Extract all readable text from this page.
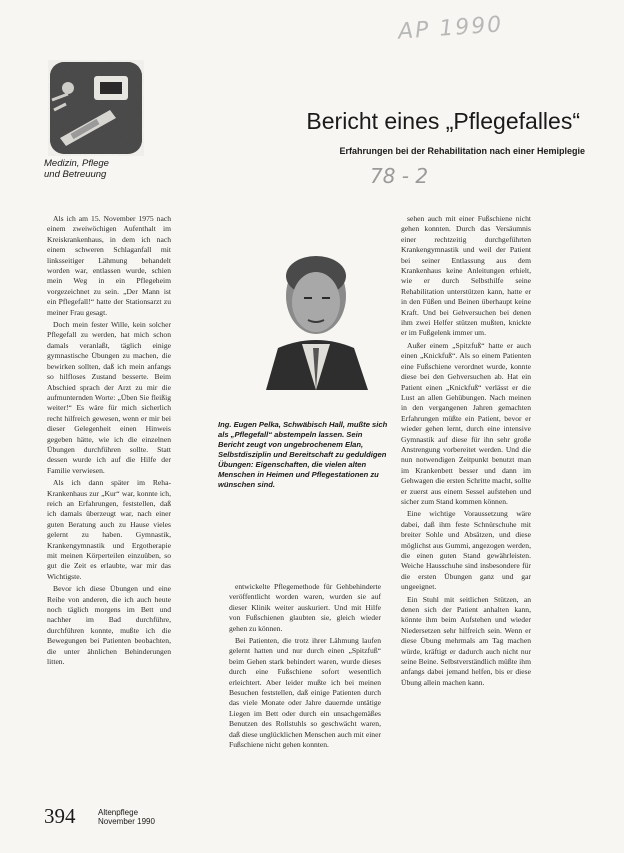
AP 1990
Medizin, Pflege
und Betreuung
Bericht eines „Pflegefalles“
Erfahrungen bei der Rehabilitation nach einer Hemiplegie
78 - 2

Als ich am 15. November 1975 nach einem zweiwöchigen Aufenthalt im Kreiskrankenhaus, in dem ich nach einem schweren Schlaganfall mit linksseitiger Lähmung behandelt worden war, entlassen wurde, schien mein Weg in ein Pflegeheim vorgezeichnet zu sein. „Der Mann ist ein Pflegefall!“ hatte der Stationsarzt zu meiner Frau gesagt.

Doch mein fester Wille, kein solcher Pflegefall zu werden, hat mich schon damals veranlaßt, täglich einige gymnastische Übungen zu machen, die bewirken sollten, daß ich mein anfangs so hilfloses Zustand besserte. Beim Abschied sprach der Arzt zu mir die aufmunternden Worte: „Üben Sie fleißig weiter!“ Es wäre für mich sicherlich recht hilfreich gewesen, wenn er mir bei dieser Gelegenheit einen Hinweis gegeben hätte, wie ich die einzelnen Übungen durchführen sollte. Statt dessen wurde ich auf die Hilfe der Familie verwiesen.

Als ich dann später im Reha-Krankenhaus zur „Kur“ war, konnte ich, reich an Erfahrungen, feststellen, daß ich damals überzeugt war, nach einer guten Beratung auch zu Hause vieles gelernt zu haben. Gymnastik, Krankengymnastik und Ergotherapie mit meinen Körperteilen einzuüben, so gut die Zeit es erlaubte, war mir das Wichtigste.

Bevor ich diese Übungen und eine Reihe von anderen, die ich auch heute noch täglich morgens im Bett und nachher im Bad durchführe, durchführen konnte, mußte ich die Bewegungen bei Patienten beobachten, die unter ähnlichen Behinderungen litten.

Ing. Eugen Pelka, Schwäbisch Hall, mußte sich als „Pflegefall“ abstempeln lassen. Sein Bericht zeugt von ungebrochenem Elan, Selbstdisziplin und Bereitschaft zu geduldigen Übungen: Eigenschaften, die vielen alten Menschen in Heimen und Pflegestationen zu wünschen sind.

entwickelte Pflegemethode für Gehbehinderte veröffentlicht worden waren, wurden sie auf dieser Klinik weiter auskuriert. Und mit Hilfe von Fußschienen glaubten sie, gleich wieder gehen zu können.

Bei Patienten, die trotz ihrer Lähmung laufen gelernt hatten und nur durch einen „Spitzfuß“ beim Gehen stark behindert waren, wurde dieses durch eine Fußschiene sofort wesentlich erleichtert. Aber leider mußte ich bei meinen Besuchen feststellen, daß einige Patienten durch das viele Monate oder Jahre dauernde untätige Liegen im Bett oder durch ein unsachgemäßes Benutzen des Rollstuhls so geschwächt waren, daß diese unglücklichen Menschen auch mit einer Fußschiene nicht gehen konnten.

sehen auch mit einer Fußschiene nicht gehen konnten. Durch das Versäumnis einer rechtzeitig durchgeführten Krankengymnastik und weil der Patient bei seiner Entlassung aus dem Krankenhaus keine Anleitungen erhielt, wie er durch Selbsthilfe seine Rehabilitation unterstützen kann, hatte er in den Füßen und Beinen überhaupt keine Kraft. Und bei Gehversuchen bei denen ihm zwei Helfer stützen mußten, knickte er im Fußgelenk immer um.

Außer einem „Spitzfuß“ hatte er auch einen „Knickfuß“. Als so einem Patienten eine Fußschiene verordnet wurde, konnte diese bei den Gehversuchen ab. Hat ein Patient einen „Knickfuß“ verlässt er die Lust an allen Gehübungen. Nach meinen in den vergangenen Jahren gemachten Erfahrungen müßte ein Patient, bevor er wieder gehen lernt, durch eine intensive Gymnastik auf diese für ihn sehr große Anstrengung vorbereitet werden. Und die nun notwendigen Zeitpunkt benutzt man im Krankenbett besser und dann im Gehwagen die ersten Schritte macht, sollte er zuerst aus einem Sessel aufstehen und sicher zum Stand kommen können.

Eine wichtige Voraussetzung wäre dabei, daß ihm feste Schnürschuhe mit breiter Sohle und Absätzen, und diese möglichst aus Gummi, angezogen werden, die einen guten Stand gewährleisten. Weiche Hausschuhe sind insbesondere für die ersten Übungen ganz und gar ungeeignet.

Ein Stuhl mit seitlichen Stützen, an denen sich der Patient anhalten kann, könnte ihm beim Aufstehen und wieder Niedersetzen sehr hilfreich sein. Wenn er diese Übung mehrmals am Tag machen würde, kräftigt er dadurch auch nicht nur seine Beine. Selbstverständlich müßte ihm anfangs dabei jemand helfen, bis er diese Übung allein machen kann.

394	Altenpflege
November 1990
